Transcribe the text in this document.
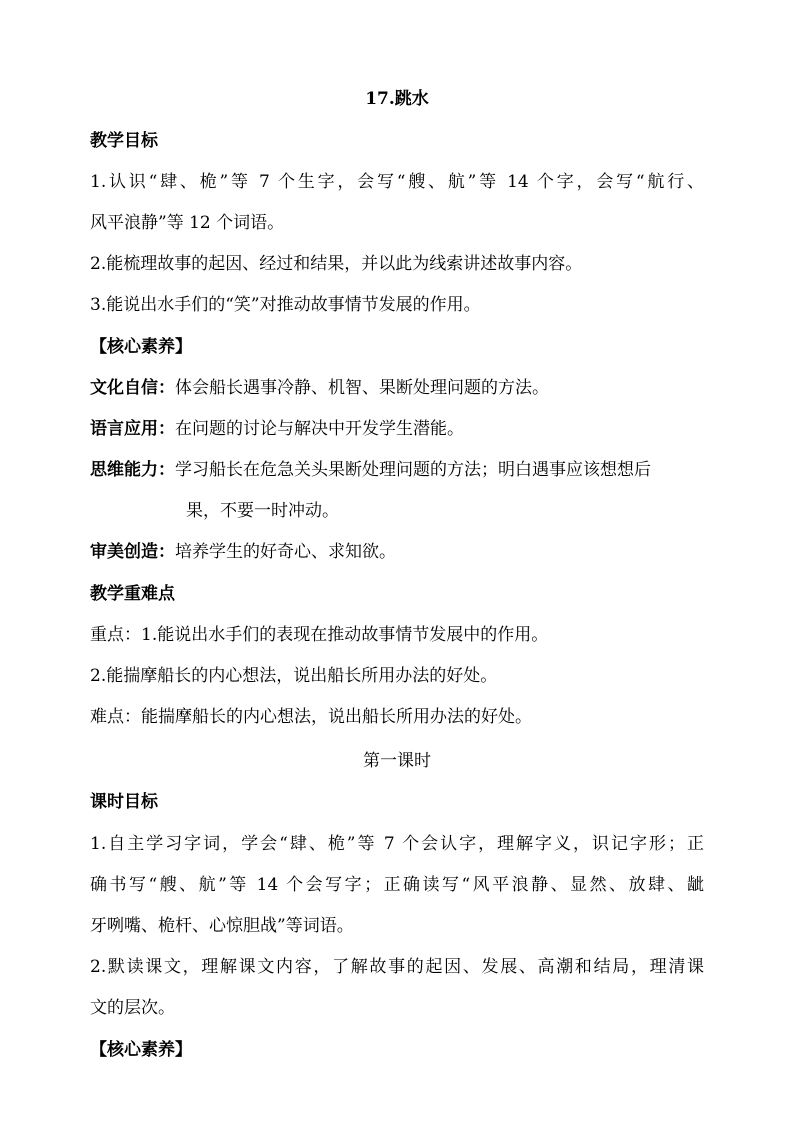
17.跳水
教学目标
1.认识“肆、桅”等 7 个生字，会写“艘、航”等 14 个字，会写“航行、
风平浪静”等 12 个词语。
2.能梳理故事的起因、经过和结果，并以此为线索讲述故事内容。
3.能说出水手们的“笑”对推动故事情节发展的作用。
【核心素养】
文化自信：体会船长遇事冷静、机智、果断处理问题的方法。
语言应用：在问题的讨论与解决中开发学生潜能。
思维能力：学习船长在危急关头果断处理问题的方法；明白遇事应该想想后
果，不要一时冲动。
审美创造：培养学生的好奇心、求知欲。
教学重难点
重点：1.能说出水手们的表现在推动故事情节发展中的作用。
2.能揣摩船长的内心想法，说出船长所用办法的好处。
难点：能揣摩船长的内心想法，说出船长所用办法的好处。
第一课时
课时目标
1.自主学习字词，学会“肆、桅”等 7 个会认字，理解字义，识记字形；正
确书写“艘、航”等 14 个会写字；正确读写“风平浪静、显然、放肆、龇
牙咧嘴、桅杆、心惊胆战”等词语。
2.默读课文，理解课文内容，了解故事的起因、发展、高潮和结局，理清课
文的层次。
【核心素养】
